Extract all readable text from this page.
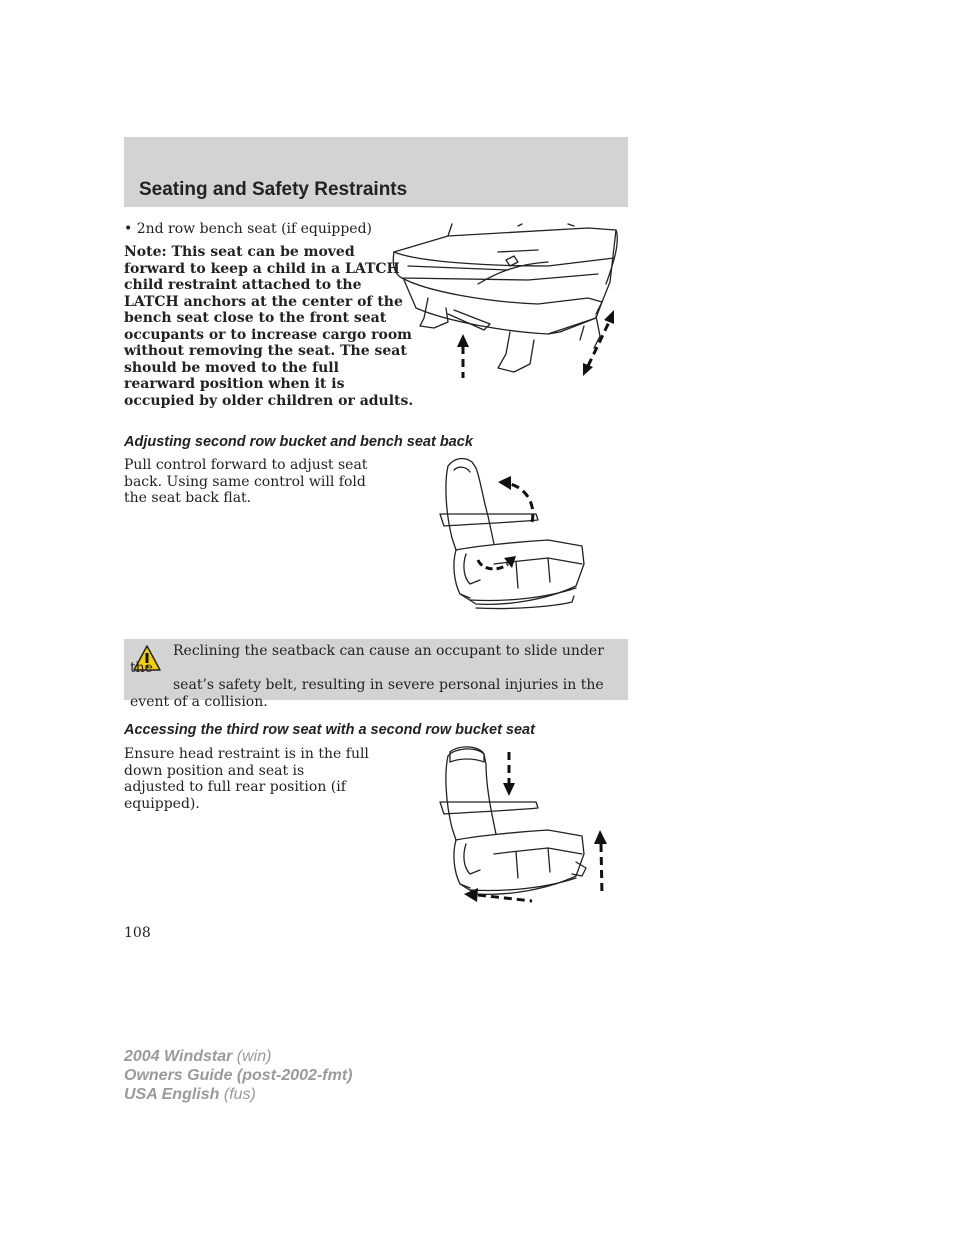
Seating and Safety Restraints
• 2nd row bench seat (if equipped)

Note: This seat can be moved forward to keep a child in a LATCH child restraint attached to the LATCH anchors at the center of the bench seat close to the front seat occupants or to increase cargo room without removing the seat. The seat should be moved to the full rearward position when it is occupied by older children or adults.

Adjusting second row bucket and bench seat back

Pull control forward to adjust seat back. Using same control will fold the seat back flat.

Reclining the seatback can cause an occupant to slide under the
seat’s safety belt, resulting in severe personal injuries in the
event of a collision.

Accessing the third row seat with a second row bucket seat

Ensure head restraint is in the full down position and seat is adjusted to full rear position (if equipped).

108
2004 Windstar (win)
Owners Guide (post-2002-fmt)
USA English (fus)
